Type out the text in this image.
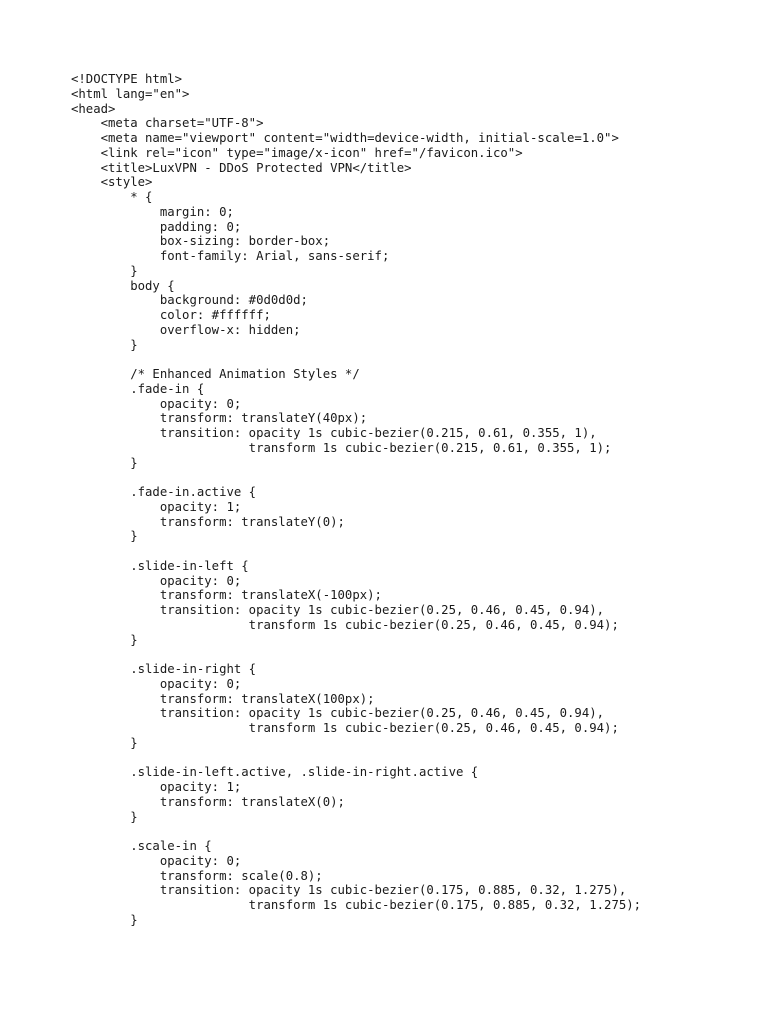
<!DOCTYPE html>
<html lang="en">
<head>
<meta charset="UTF-8">
<meta name="viewport" content="width=device-width, initial-scale=1.0">
<link rel="icon" type="image/x-icon" href="/favicon.ico">
<title>LuxVPN - DDoS Protected VPN</title>
<style>
* {
margin: 0;
padding: 0;
box-sizing: border-box;
font-family: Arial, sans-serif;
}
body {
background: #0d0d0d;
color: #ffffff;
overflow-x: hidden;
}
/* Enhanced Animation Styles */
.fade-in {
opacity: 0;
transform: translateY(40px);
transition: opacity 1s cubic-bezier(0.215, 0.61, 0.355, 1),
transform 1s cubic-bezier(0.215, 0.61, 0.355, 1);
}
.fade-in.active {
opacity: 1;
transform: translateY(0);
}
.slide-in-left {
opacity: 0;
transform: translateX(-100px);
transition: opacity 1s cubic-bezier(0.25, 0.46, 0.45, 0.94),
transform 1s cubic-bezier(0.25, 0.46, 0.45, 0.94);
}
.slide-in-right {
opacity: 0;
transform: translateX(100px);
transition: opacity 1s cubic-bezier(0.25, 0.46, 0.45, 0.94),
transform 1s cubic-bezier(0.25, 0.46, 0.45, 0.94);
}
.slide-in-left.active, .slide-in-right.active {
opacity: 1;
transform: translateX(0);
}
.scale-in {
opacity: 0;
transform: scale(0.8);
transition: opacity 1s cubic-bezier(0.175, 0.885, 0.32, 1.275),
transform 1s cubic-bezier(0.175, 0.885, 0.32, 1.275);
}
